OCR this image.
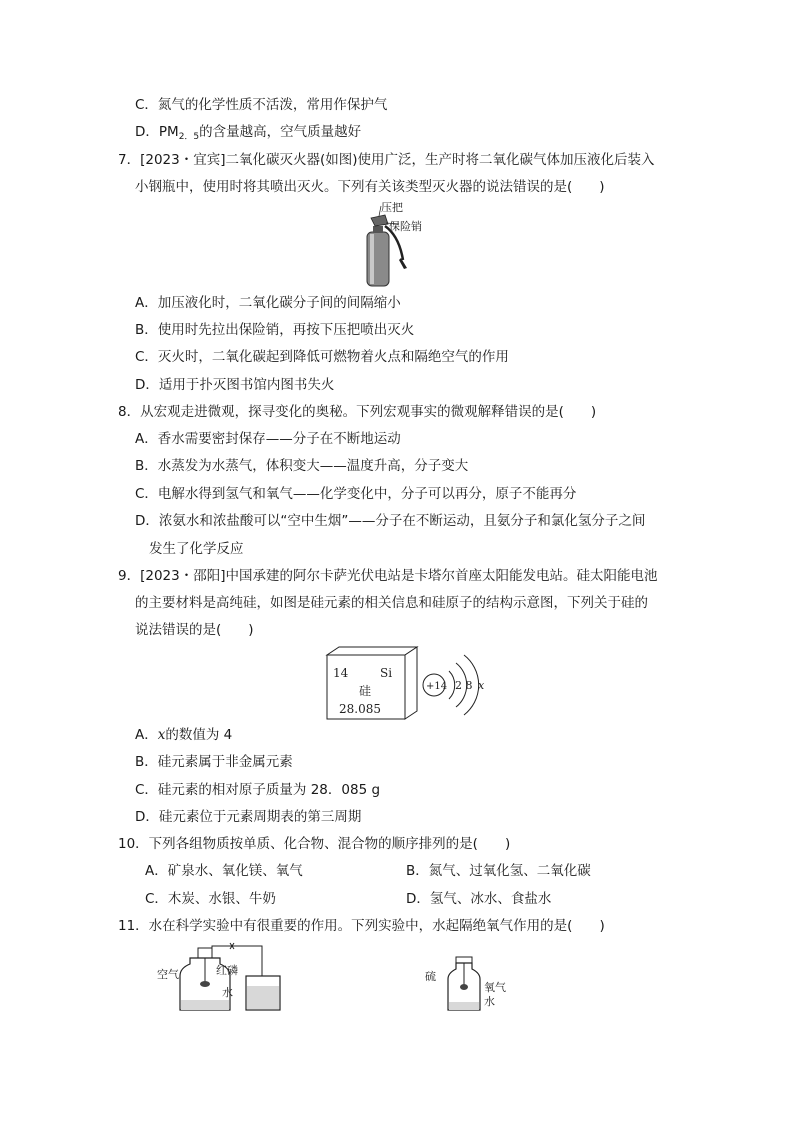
C．氮气的化学性质不活泼，常用作保护气
D．$PM_{2.5}$的含量越高，空气质量越好
7．[2023・宜宾]二氧化碳灭火器(如图)使用广泛，生产时将二氧化碳气体加压液化后装入
小钢瓶中，使用时将其喷出灭火。下列有关该类型灭火器的说法错误的是(　　)
压把
保险销
A．加压液化时，二氧化碳分子间的间隔缩小
B．使用时先拉出保险销，再按下压把喷出灭火
C．灭火时，二氧化碳起到降低可燃物着火点和隔绝空气的作用
D．适用于扑灭图书馆内图书失火
8．从宏观走进微观，探寻变化的奥秘。下列宏观事实的微观解释错误的是(　　)
A．香水需要密封保存——分子在不断地运动
B．水蒸发为水蒸气，体积变大——温度升高，分子变大
C．电解水得到氢气和氧气——化学变化中，分子可以再分，原子不能再分
D．浓氨水和浓盐酸可以“空中生烟”——分子在不断运动，且氨分子和氯化氢分子之间
发生了化学反应
9．[2023・邵阳]中国承建的阿尔卡萨光伏电站是卡塔尔首座太阳能发电站。硅太阳能电池
的主要材料是高纯硅，如图是硅元素的相关信息和硅原子的结构示意图，下列关于硅的
说法错误的是(　　)
14	Si
硅
28.085
+14 2 8 x
A．x的数值为 4
B．硅元素属于非金属元素
C．硅元素的相对原子质量为 28．085 g
D．硅元素位于元素周期表的第三周期
10．下列各组物质按单质、化合物、混合物的顺序排列的是(　　)
A．矿泉水、氧化镁、氧气	B．氮气、过氧化氢、二氧化碳
C．木炭、水银、牛奶	D．氢气、冰水、食盐水
11．水在科学实验中有很重要的作用。下列实验中，水起隔绝氧气作用的是(　　)
空气	红磷
水
硫
氧气
水
